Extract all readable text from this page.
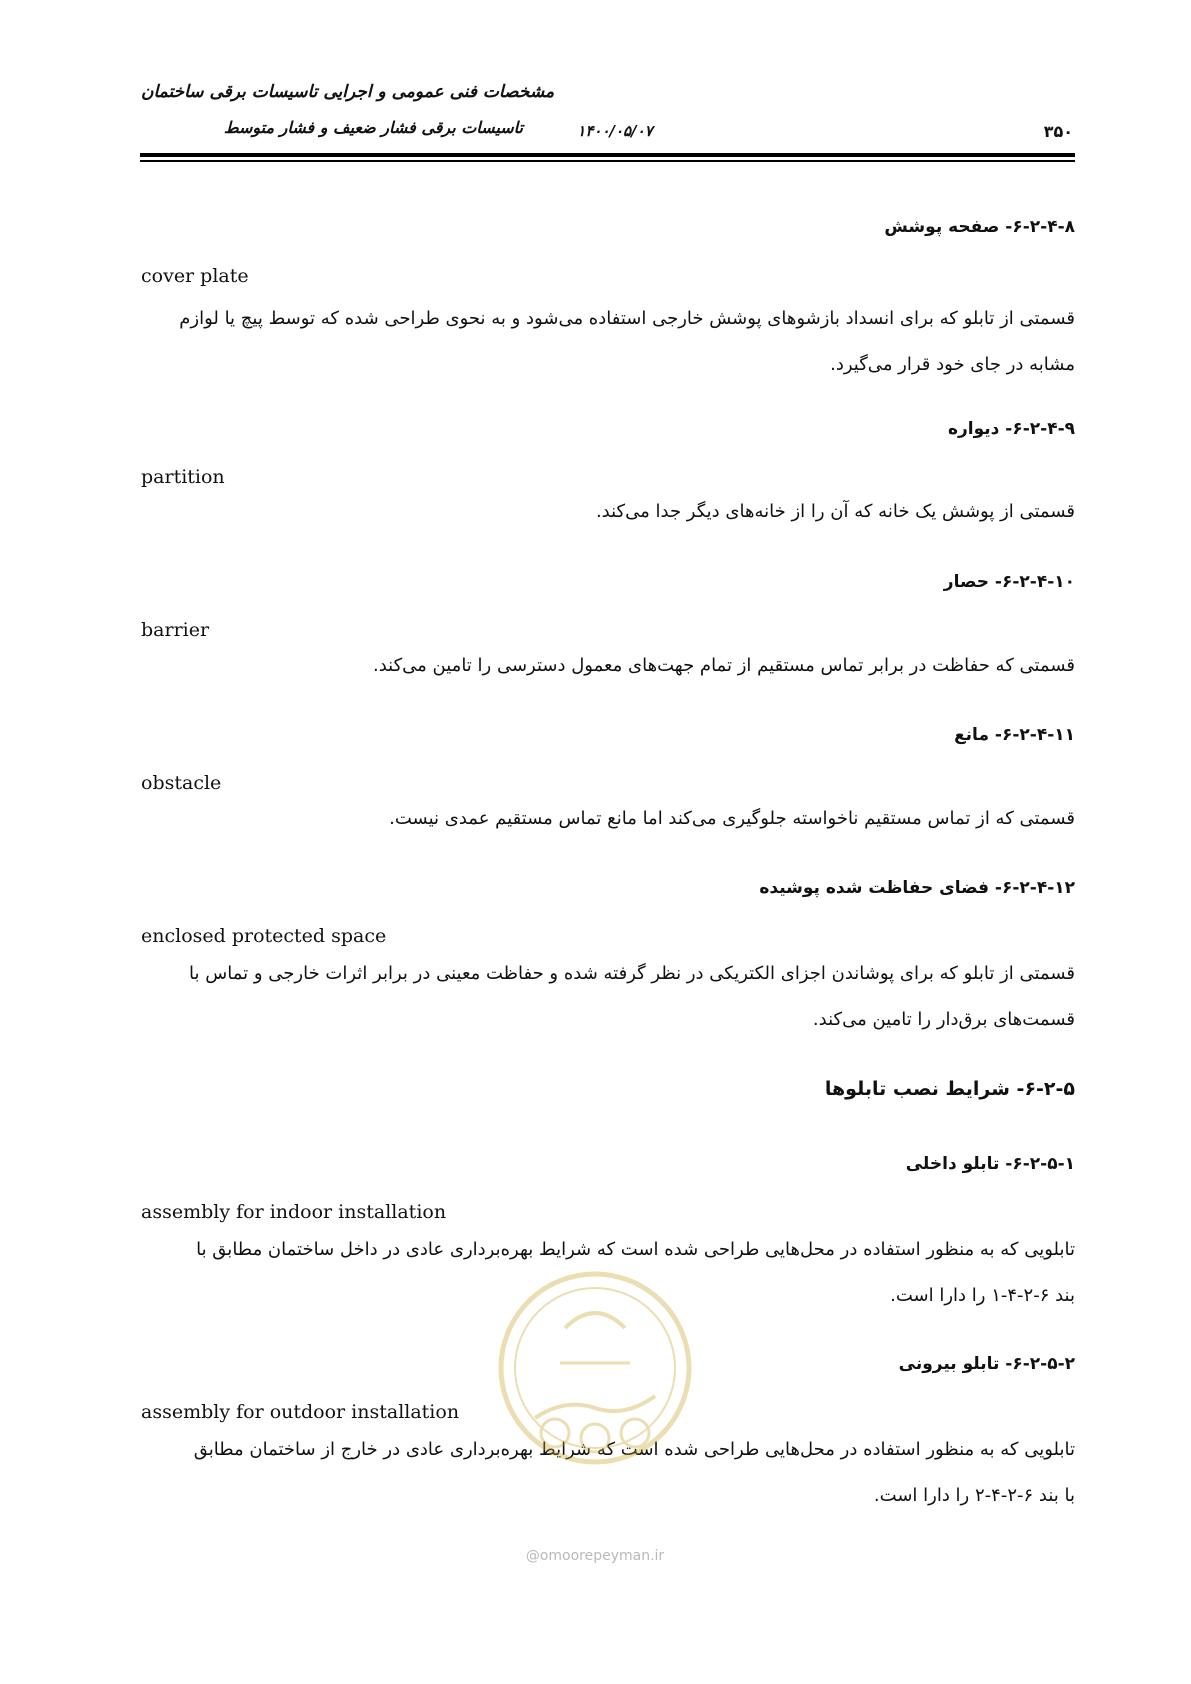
مشخصات فنی عمومی و اجرایی تاسیسات برقی ساختمان
تاسیسات برقی فشار ضعیف و فشار متوسط	۱۴۰۰/۰۵/۰۷	۳۵۰
۶-۲-۴-۸- صفحه پوشش
cover plate
قسمتی از تابلو که برای انسداد بازشوهای پوشش خارجی استفاده می‌شود و به نحوی طراحی شده که توسط پیچ یا لوازم
مشابه در جای خود قرار می‌گیرد.
۶-۲-۴-۹- دیواره
partition
قسمتی از پوشش یک خانه که آن را از خانه‌های دیگر جدا می‌کند.
۶-۲-۴-۱۰- حصار
barrier
قسمتی که حفاظت در برابر تماس مستقیم از تمام جهت‌های معمول دسترسی را تامین می‌کند.
۶-۲-۴-۱۱- مانع
obstacle
قسمتی که از تماس مستقیم ناخواسته جلوگیری می‌کند اما مانع تماس مستقیم عمدی نیست.
۶-۲-۴-۱۲- فضای حفاظت شده پوشیده
enclosed protected space
قسمتی از تابلو که برای پوشاندن اجزای الکتریکی در نظر گرفته شده و حفاظت معینی در برابر اثرات خارجی و تماس با
قسمت‌های برق‌دار را تامین می‌کند.
۶-۲-۵- شرایط نصب تابلوها
۶-۲-۵-۱- تابلو داخلی
assembly for indoor installation
تابلویی که به منظور استفاده در محل‌هایی طراحی شده است که شرایط بهره‌برداری عادی در داخل ساختمان مطابق با
بند ۶-۲-۴-۱ را دارا است.
۶-۲-۵-۲- تابلو بیرونی
assembly for outdoor installation
تابلویی که به منظور استفاده در محل‌هایی طراحی شده است که شرایط بهره‌برداری عادی در خارج از ساختمان مطابق
با بند ۶-۲-۴-۲ را دارا است.
@omoorepeyman.ir
